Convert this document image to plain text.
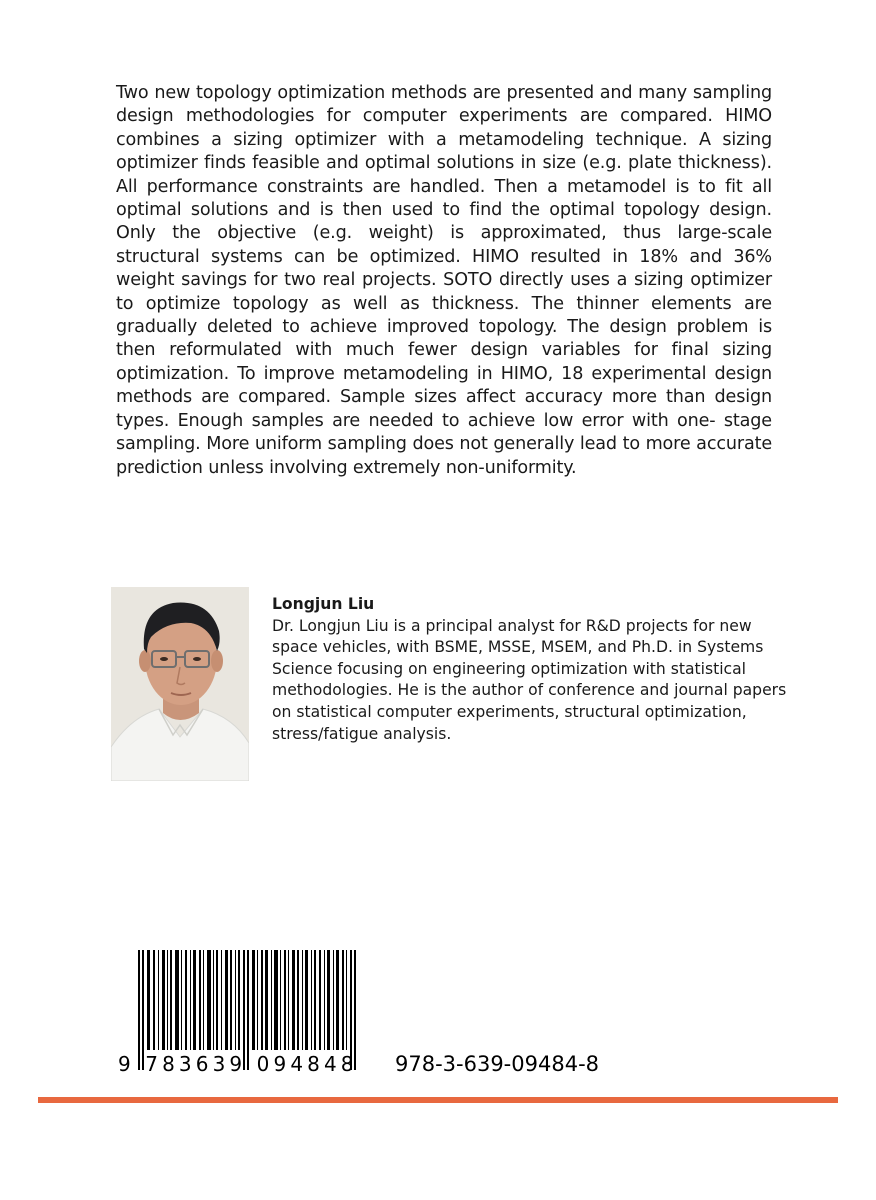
Two new topology optimization methods are presented and many sampling design methodologies for computer experiments are compared. HIMO combines a sizing optimizer with a metamodeling technique. A sizing optimizer finds feasible and optimal solutions in size (e.g. plate thickness). All performance constraints are handled. Then a metamodel is to fit all optimal solutions and is then used to find the optimal topology design. Only the objective (e.g. weight) is approximated, thus large-scale structural systems can be optimized. HIMO resulted in 18% and 36% weight savings for two real projects. SOTO directly uses a sizing optimizer to optimize topology as well as thickness. The thinner elements are gradually deleted to achieve improved topology. The design problem is then reformulated with much fewer design variables for final sizing optimization. To improve metamodeling in HIMO, 18 experimental design methods are compared. Sample sizes affect accuracy more than design types. Enough samples are needed to achieve low error with one- stage sampling. More uniform sampling does not generally lead to more accurate prediction unless involving extremely non-uniformity.

Longjun Liu

Dr. Longjun Liu is a principal analyst for R&D projects for new space vehicles, with BSME, MSSE, MSEM, and Ph.D. in Systems Science focusing on engineering optimization with statistical methodologies. He is the author of conference and journal papers on statistical computer experiments, structural optimization, stress/fatigue analysis.

9 783639 094848 978-3-639-09484-8
